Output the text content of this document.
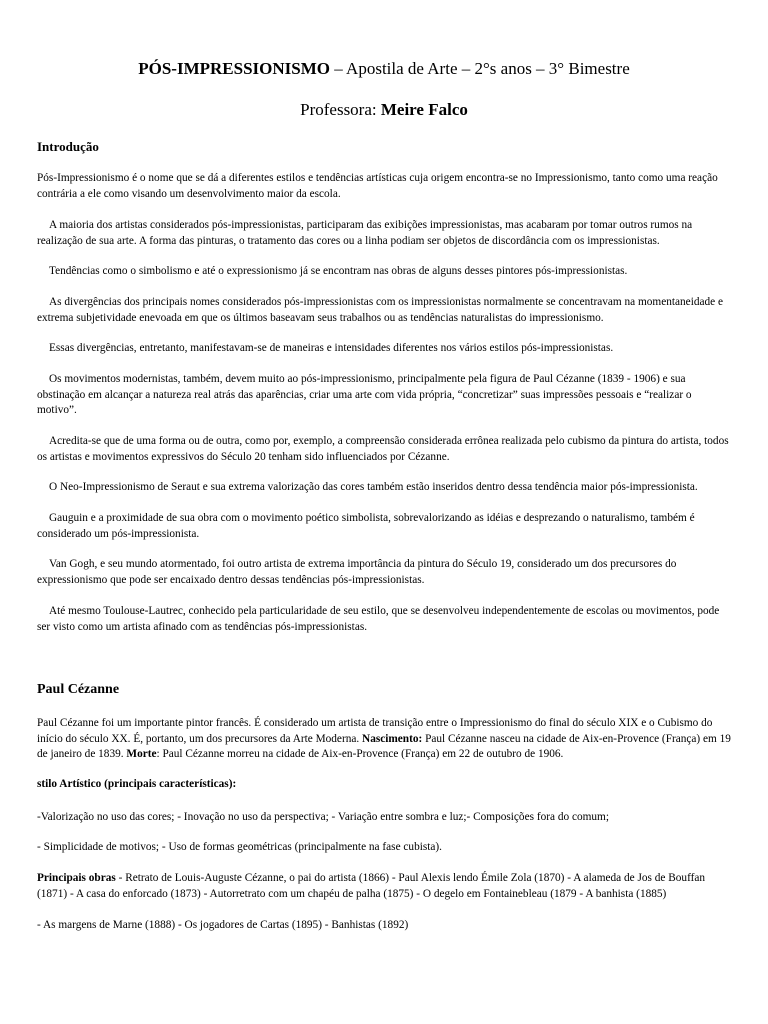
PÓS-IMPRESSIONISMO – Apostila de Arte – 2°s anos – 3° Bimestre
Professora: Meire Falco
Introdução
Pós-Impressionismo é o nome que se dá a diferentes estilos e tendências artísticas cuja origem encontra-se no Impressionismo, tanto como uma reação contrária a ele como visando um desenvolvimento maior da escola.
A maioria dos artistas considerados pós-impressionistas, participaram das exibições impressionistas, mas acabaram por tomar outros rumos na realização de sua arte. A forma das pinturas, o tratamento das cores ou a linha podiam ser objetos de discordância com os impressionistas.
Tendências como o simbolismo e até o expressionismo já se encontram nas obras de alguns desses pintores pós-impressionistas.
As divergências dos principais nomes considerados pós-impressionistas com os impressionistas normalmente se concentravam na momentaneidade e extrema subjetividade enevoada em que os últimos baseavam seus trabalhos ou as tendências naturalistas do impressionismo.
Essas divergências, entretanto, manifestavam-se de maneiras e intensidades diferentes nos vários estilos pós-impressionistas.
Os movimentos modernistas, também, devem muito ao pós-impressionismo, principalmente pela figura de Paul Cézanne (1839 - 1906) e sua obstinação em alcançar a natureza real atrás das aparências, criar uma arte com vida própria, “concretizar” suas impressões pessoais e “realizar o motivo”.
Acredita-se que de uma forma ou de outra, como por, exemplo, a compreensão considerada errônea realizada pelo cubismo da pintura do artista, todos os artistas e movimentos expressivos do Século 20 tenham sido influenciados por Cézanne.
O Neo-Impressionismo de Seraut e sua extrema valorização das cores também estão inseridos dentro dessa tendência maior pós-impressionista.
Gauguin e a proximidade de sua obra com o movimento poético simbolista, sobrevalorizando as idéias e desprezando o naturalismo, também é considerado um pós-impressionista.
Van Gogh, e seu mundo atormentado, foi outro artista de extrema importância da pintura do Século 19, considerado um dos precursores do expressionismo que pode ser encaixado dentro dessas tendências pós-impressionistas.
Até mesmo Toulouse-Lautrec, conhecido pela particularidade de seu estilo, que se desenvolveu independentemente de escolas ou movimentos, pode ser visto como um artista afinado com as tendências pós-impressionistas.
Paul Cézanne
Paul Cézanne foi um importante pintor francês. É considerado um artista de transição entre o Impressionismo do final do século XIX e o Cubismo do início do século XX. É, portanto, um dos precursores da Arte Moderna. Nascimento: Paul Cézanne nasceu na cidade de Aix-en-Provence (França) em 19 de janeiro de 1839. Morte: Paul Cézanne morreu na cidade de Aix-en-Provence (França) em 22 de outubro de 1906.
stilo Artístico (principais características):
-Valorização no uso das cores; - Inovação no uso da perspectiva; - Variação entre sombra e luz;- Composições fora do comum;
- Simplicidade de motivos; - Uso de formas geométricas (principalmente na fase cubista).
Principais obras - Retrato de Louis-Auguste Cézanne, o pai do artista (1866) - Paul Alexis lendo Émile Zola (1870) - A alameda de Jos de Bouffan (1871) - A casa do enforcado (1873) - Autorretrato com um chapéu de palha (1875) - O degelo em Fontainebleau (1879 - A banhista (1885)
- As margens de Marne (1888) - Os jogadores de Cartas (1895) - Banhistas (1892)
